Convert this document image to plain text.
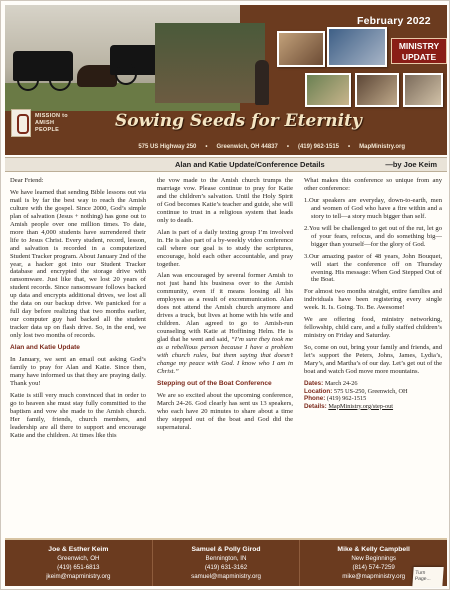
February 2022
MINISTRY
UPDATE
MISSION to
AMISH
PEOPLE	Sowing Seeds for Eternity
575 US Highway 250 • Greenwich, OH 44837 • (419) 962-1515 • MapMinistry.org
Alan and Katie Update/Conference Details	—by Joe Keim

Dear Friend:

We have learned that sending Bible lessons out via mail is by far the best way to reach the Amish culture with the gospel. Since 2000, God’s simple plan of salvation (Jesus + nothing) has gone out to Amish people over one million times. To date, more than 4,000 students have surrendered their life to Jesus Christ. Every student, record, lesson, and salvation is recorded in a computerized Student Tracker program. About January 2nd of the year, a hacker got into our Student Tracker database and encrypted the storage drive with ransomware. Just like that, we lost 20 years of student records. Since ransomware follows backed up data and encrypts additional drives, we lost all the data on our backup drive. We panicked for a full day before realizing that two months earlier, our computer guy had backed all the student tracker data up on flash drive. So, in the end, we only lost two months of records.

Alan and Katie Update

In January, we sent an email out asking God’s family to pray for Alan and Katie. Since then, many have informed us that they are praying daily. Thank you!

Katie is still very much convinced that in order to go to heaven she must stay fully committed to the baptism and vow she made to the Amish church. Her family, friends, church members, and leadership are all there to support and encourage Katie and the children. At times like this

the vow made to the Amish church trumps the marriage vow. Please continue to pray for Katie and the children’s salvation. Until the Holy Spirit of God becomes Katie’s teacher and guide, she will continue to trust in a religious system that leads only to death.

Alan is part of a daily texting group I’m involved in. He is also part of a by-weekly video conference call where our goal is to study the scriptures, encourage, hold each other accountable, and pray together.

Alan was encouraged by several former Amish to not just hand his business over to the Amish community, even if it means loosing all his employees as a result of excommunication. Alan does not attend the Amish church anymore and drives a truck, but lives at home with his wife and children. Alan agreed to go to Amish-run counseling with Katie at Hoffining Helm. He is glad that he went and said, “I’m sure they took me as a rebellious person because I have a problem with church rules, but them saying that doesn’t change my peace with God. I know who I am in Christ.”

Stepping out of the Boat Conference

We are so excited about the upcoming conference, March 24-26. God clearly has sent us 13 speakers, who each have 20 minutes to share about a time they stepped out of the boat and God did the supernatural.

What makes this conference so unique from any other conference:

1.Our speakers are everyday, down-to-earth, men and women of God who have a fire within and a story to tell—a story much bigger than self.
2.You will be challenged to get out of the rut, let go of your fears, refocus, and do something big—bigger than yourself—for the glory of God.
3.Our amazing pastor of 48 years, John Bouquet, will start the conference off on Thursday evening. His message: When God Stepped Out of the Boat.

For almost two months straight, entire families and individuals have been registering every single week. It. Is. Going. To. Be. Awesome!

We are offering food, ministry networking, fellowship, child care, and a fully staffed children’s ministry on Friday and Saturday.

So, come on out, bring your family and friends, and let’s support the Peters, Johns, James, Lydia’s, Mary’s, and Martha’s of our day. Let’s get out of the boat and watch God move more mountains.

Dates: March 24-26
Location: 575 US-250, Greenwich, OH
Phone: (419) 962-1515
Details: MapMinistry.org/step-out
Joe & Esther Keim
Greenwich, OH
(419) 651-6813
jkeim@mapministry.org
Samuel & Polly Girod
Bennington, IN
(419) 631-3162
samuel@mapministry.org
Mike & Kelly Campbell
New Beginnings
(814) 574-7259
mike@mapministry.org	Turn
Page...
